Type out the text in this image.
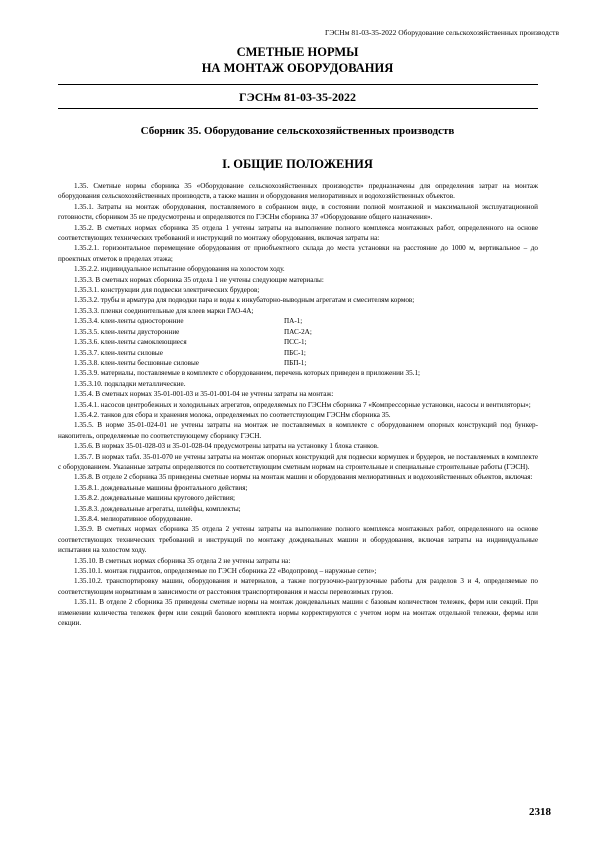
ГЭСНм 81-03-35-2022 Оборудование сельскохозяйственных производств
СМЕТНЫЕ НОРМЫ
НА МОНТАЖ ОБОРУДОВАНИЯ
ГЭСНм 81-03-35-2022
Сборник 35. Оборудование сельскохозяйственных производств
I. ОБЩИЕ ПОЛОЖЕНИЯ

1.35. Сметные нормы сборника 35 «Оборудование сельскохозяйственных производств» предназначены для определения затрат на монтаж оборудования сельскохозяйственных производств, а также машин и оборудования мелиоративных и водохозяйственных объектов.

1.35.1. Затраты на монтаж оборудования, поставляемого в собранном виде, в состоянии полной монтажной и максимальной эксплуатационной готовности, сборником 35 не предусмотрены и определяются по ГЭСНм сборника 37 «Оборудование общего назначения».

1.35.2. В сметных нормах сборника 35 отдела 1 учтены затраты на выполнение полного комплекса монтажных работ, определенного на основе соответствующих технических требований и инструкций по монтажу оборудования, включая затраты на:

1.35.2.1. горизонтальное перемещение оборудования от приобъектного склада до места установки на расстояние до 1000 м, вертикальное – до проектных отметок в пределах этажа;

1.35.2.2. индивидуальное испытание оборудования на холостом ходу.

1.35.3. В сметных нормах сборника 35 отдела 1 не учтены следующие материалы:

1.35.3.1. конструкции для подвески электрических брудеров;

1.35.3.2. трубы и арматура для подводки пара и воды к инкубаторно-выводным агрегатам и смесителям кормов;

1.35.3.3. пленки соединительные для клеев марки ГАО-4А;

1.35.3.4. клеи-ленты односторонние	ПА-1;
1.35.3.5. клеи-ленты двусторонние	ПАС-2А;
1.35.3.6. клеи-ленты самоклеющиеся	ПСС-1;
1.35.3.7. клеи-ленты силовые	ПБС-1;
1.35.3.8. клеи-ленты бесшовные силовые	ПБП-1;

1.35.3.9. материалы, поставляемые в комплекте с оборудованием, перечень которых приведен в приложении 35.1;

1.35.3.10. подкладки металлические.

1.35.4. В сметных нормах 35-01-001-03 и 35-01-001-04 не учтены затраты на монтаж:

1.35.4.1. насосов центробежных и холодильных агрегатов, определяемых по ГЭСНм сборника 7 «Компрессорные установки, насосы и вентиляторы»;

1.35.4.2. танков для сбора и хранения молока, определяемых по соответствующим ГЭСНм сборника 35.

1.35.5. В норме 35-01-024-01 не учтены затраты на монтаж не поставляемых в комплекте с оборудованием опорных конструкций под бункер-накопитель, определяемые по соответствующему сборнику ГЭСН.

1.35.6. В нормах 35-01-028-03 и 35-01-028-04 предусмотрены затраты на установку 1 блока станков.

1.35.7. В нормах табл. 35-01-070 не учтены затраты на монтаж опорных конструкций для подвески кормушек и брудеров, не поставляемых в комплекте с оборудованием. Указанные затраты определяются по соответствующим сметным нормам на строительные и специальные строительные работы (ГЭСН).

1.35.8. В отделе 2 сборника 35 приведены сметные нормы на монтаж машин и оборудования мелиоративных и водохозяйственных объектов, включая:

1.35.8.1. дождевальные машины фронтального действия;

1.35.8.2. дождевальные машины кругового действия;

1.35.8.3. дождевальные агрегаты, шлейфы, комплекты;

1.35.8.4. мелиоративное оборудование.

1.35.9. В сметных нормах сборника 35 отдела 2 учтены затраты на выполнение полного комплекса монтажных работ, определенного на основе соответствующих технических требований и инструкций по монтажу дождевальных машин и оборудования, включая затраты на индивидуальные испытания на холостом ходу.

1.35.10. В сметных нормах сборника 35 отдела 2 не учтены затраты на:

1.35.10.1. монтаж гидрантов, определяемые по ГЭСН сборника 22 «Водопровод – наружные сети»;

1.35.10.2. транспортировку машин, оборудования и материалов, а также погрузочно-разгрузочные работы для разделов 3 и 4, определяемые по соответствующим нормативам в зависимости от расстояния транспортирования и массы перевозимых грузов.

1.35.11. В отделе 2 сборника 35 приведены сметные нормы на монтаж дождевальных машин с базовым количеством тележек, ферм или секций. При изменении количества тележек ферм или секций базового комплекта нормы корректируются с учетом норм на монтаж отдельной тележки, фермы или секции.

2318
